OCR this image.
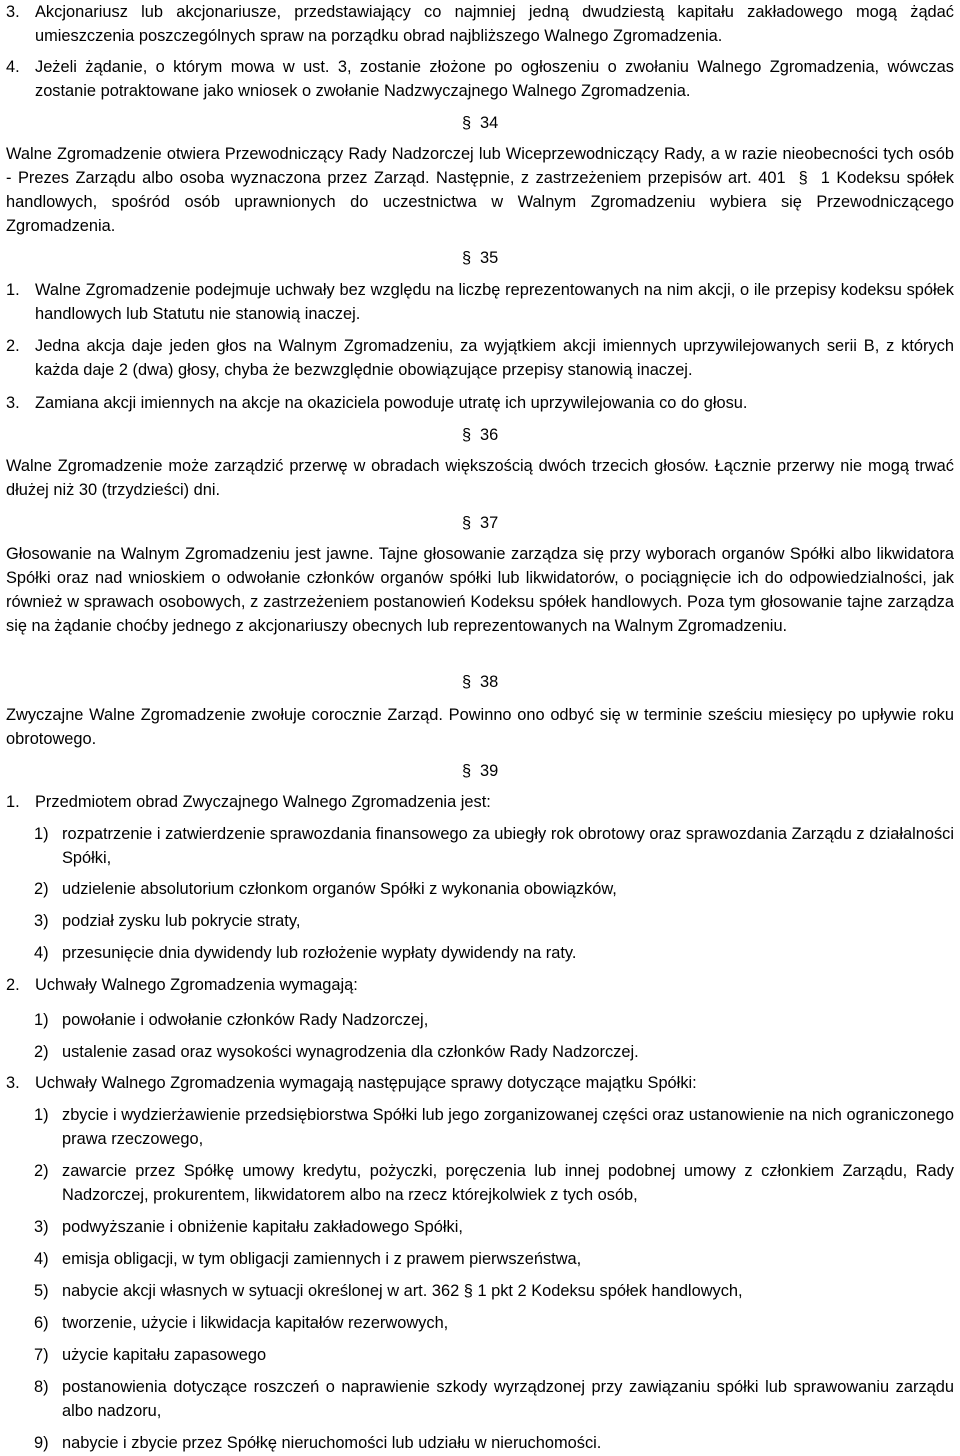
3. Akcjonariusz lub akcjonariusze, przedstawiający co najmniej jedną dwudziestą kapitału zakładowego mogą żądać umieszczenia poszczególnych spraw na porządku obrad najbliższego Walnego Zgromadzenia.
4. Jeżeli żądanie, o którym mowa w ust. 3, zostanie złożone po ogłoszeniu o zwołaniu Walnego Zgromadzenia, wówczas zostanie potraktowane jako wniosek o zwołanie Nadzwyczajnego Walnego Zgromadzenia.
§ 34
Walne Zgromadzenie otwiera Przewodniczący Rady Nadzorczej lub Wiceprzewodniczący Rady, a w razie nieobecności tych osób - Prezes Zarządu albo osoba wyznaczona przez Zarząd. Następnie, z zastrzeżeniem przepisów art. 401  §  1 Kodeksu spółek handlowych, spośród osób uprawnionych do uczestnictwa w Walnym Zgromadzeniu wybiera się Przewodniczącego Zgromadzenia.
§ 35
1. Walne Zgromadzenie podejmuje uchwały bez względu na liczbę reprezentowanych na nim akcji, o ile przepisy kodeksu spółek handlowych lub Statutu nie stanowią inaczej.
2. Jedna akcja daje jeden głos na Walnym Zgromadzeniu, za wyjątkiem akcji imiennych uprzywilejowanych serii B, z których każda daje 2 (dwa) głosy, chyba że bezwzględnie obowiązujące przepisy stanowią inaczej.
3. Zamiana akcji imiennych na akcje na okaziciela powoduje utratę ich uprzywilejowania co do głosu.
§ 36
Walne Zgromadzenie może zarządzić przerwę w obradach większością dwóch trzecich głosów. Łącznie przerwy nie mogą trwać dłużej niż 30 (trzydzieści) dni.
§ 37
Głosowanie na Walnym Zgromadzeniu jest jawne. Tajne głosowanie zarządza się przy wyborach organów Spółki albo likwidatora Spółki oraz nad wnioskiem o odwołanie członków organów spółki lub likwidatorów, o pociągnięcie ich do odpowiedzialności, jak również w sprawach osobowych, z zastrzeżeniem postanowień Kodeksu spółek handlowych. Poza tym głosowanie tajne zarządza się na żądanie choćby jednego z akcjonariuszy obecnych lub reprezentowanych na Walnym Zgromadzeniu.
§ 38
Zwyczajne Walne Zgromadzenie zwołuje corocznie Zarząd. Powinno ono odbyć się w terminie sześciu miesięcy po upływie roku obrotowego.
§ 39
1. Przedmiotem obrad Zwyczajnego Walnego Zgromadzenia jest:
1) rozpatrzenie i zatwierdzenie sprawozdania finansowego za ubiegły rok obrotowy oraz sprawozdania Zarządu z działalności Spółki,
2) udzielenie absolutorium członkom organów Spółki z wykonania obowiązków,
3) podział zysku lub pokrycie straty,
4) przesunięcie dnia dywidendy lub rozłożenie wypłaty dywidendy na raty.
2. Uchwały Walnego Zgromadzenia wymagają:
1) powołanie i odwołanie członków Rady Nadzorczej,
2) ustalenie zasad oraz wysokości wynagrodzenia dla członków Rady Nadzorczej.
3. Uchwały Walnego Zgromadzenia wymagają następujące sprawy dotyczące majątku Spółki:
1) zbycie i wydzierżawienie przedsiębiorstwa Spółki lub jego zorganizowanej części oraz ustanowienie na nich ograniczonego prawa rzeczowego,
2) zawarcie przez Spółkę umowy kredytu, pożyczki, poręczenia lub innej podobnej umowy z członkiem Zarządu, Rady Nadzorczej, prokurentem, likwidatorem albo na rzecz którejkolwiek z tych osób,
3) podwyższanie i obniżenie kapitału zakładowego Spółki,
4) emisja obligacji, w tym obligacji zamiennych i z prawem pierwszeństwa,
5) nabycie akcji własnych w sytuacji określonej w art. 362 § 1 pkt 2 Kodeksu spółek handlowych,
6) tworzenie, użycie i likwidacja kapitałów rezerwowych,
7) użycie kapitału zapasowego
8) postanowienia dotyczące roszczeń o naprawienie szkody wyrządzonej przy zawiązaniu spółki lub sprawowaniu zarządu albo nadzoru,
9) nabycie i zbycie przez Spółkę nieruchomości lub udziału w nieruchomości.
